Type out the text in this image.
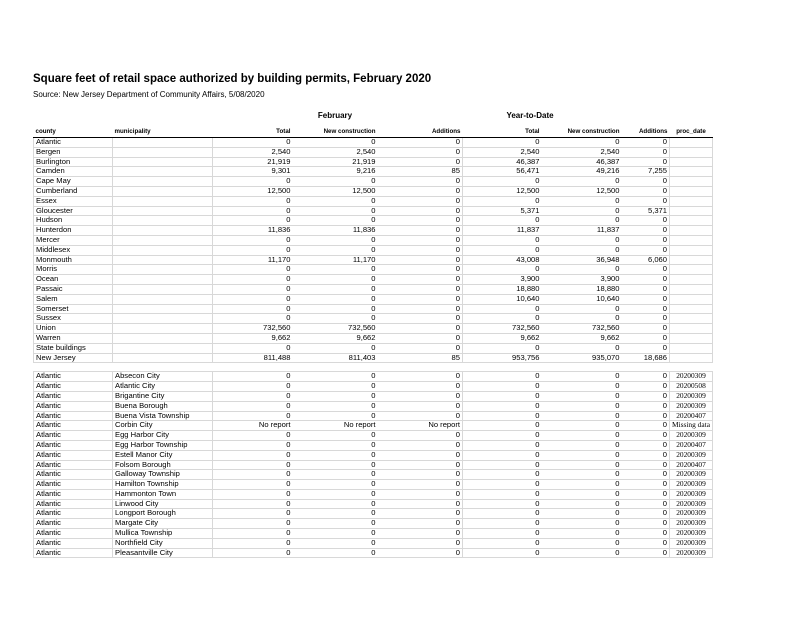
Square feet of retail space authorized by building permits, February 2020
Source: New Jersey Department of Community Affairs, 5/08/2020
February	Year-to-Date
county	municipality	Total	New construction	Additions	Total	New construction	Additions	proc_date
Atlantic		0	0	0	0	0	0	
Bergen		2,540	2,540	0	2,540	2,540	0	
Burlington		21,919	21,919	0	46,387	46,387	0	
Camden		9,301	9,216	85	56,471	49,216	7,255	
Cape May		0	0	0	0	0	0	
Cumberland		12,500	12,500	0	12,500	12,500	0	
Essex		0	0	0	0	0	0	
Gloucester		0	0	0	5,371	0	5,371	
Hudson		0	0	0	0	0	0	
Hunterdon		11,836	11,836	0	11,837	11,837	0	
Mercer		0	0	0	0	0	0	
Middlesex		0	0	0	0	0	0	
Monmouth		11,170	11,170	0	43,008	36,948	6,060	
Morris		0	0	0	0	0	0	
Ocean		0	0	0	3,900	3,900	0	
Passaic		0	0	0	18,880	18,880	0	
Salem		0	0	0	10,640	10,640	0	
Somerset		0	0	0	0	0	0	
Sussex		0	0	0	0	0	0	
Union		732,560	732,560	0	732,560	732,560	0	
Warren		9,662	9,662	0	9,662	9,662	0	
State buildings		0	0	0	0	0	0	
New Jersey		811,488	811,403	85	953,756	935,070	18,686	

Atlantic	Absecon City	0	0	0	0	0	0	20200309
Atlantic	Atlantic City	0	0	0	0	0	0	20200508
Atlantic	Brigantine City	0	0	0	0	0	0	20200309
Atlantic	Buena Borough	0	0	0	0	0	0	20200309
Atlantic	Buena Vista Township	0	0	0	0	0	0	20200407
Atlantic	Corbin City	No report	No report	No report	0	0	0	Missing data
Atlantic	Egg Harbor City	0	0	0	0	0	0	20200309
Atlantic	Egg Harbor Township	0	0	0	0	0	0	20200407
Atlantic	Estell Manor City	0	0	0	0	0	0	20200309
Atlantic	Folsom Borough	0	0	0	0	0	0	20200407
Atlantic	Galloway Township	0	0	0	0	0	0	20200309
Atlantic	Hamilton Township	0	0	0	0	0	0	20200309
Atlantic	Hammonton Town	0	0	0	0	0	0	20200309
Atlantic	Linwood City	0	0	0	0	0	0	20200309
Atlantic	Longport Borough	0	0	0	0	0	0	20200309
Atlantic	Margate City	0	0	0	0	0	0	20200309
Atlantic	Mullica Township	0	0	0	0	0	0	20200309
Atlantic	Northfield City	0	0	0	0	0	0	20200309
Atlantic	Pleasantville City	0	0	0	0	0	0	20200309
